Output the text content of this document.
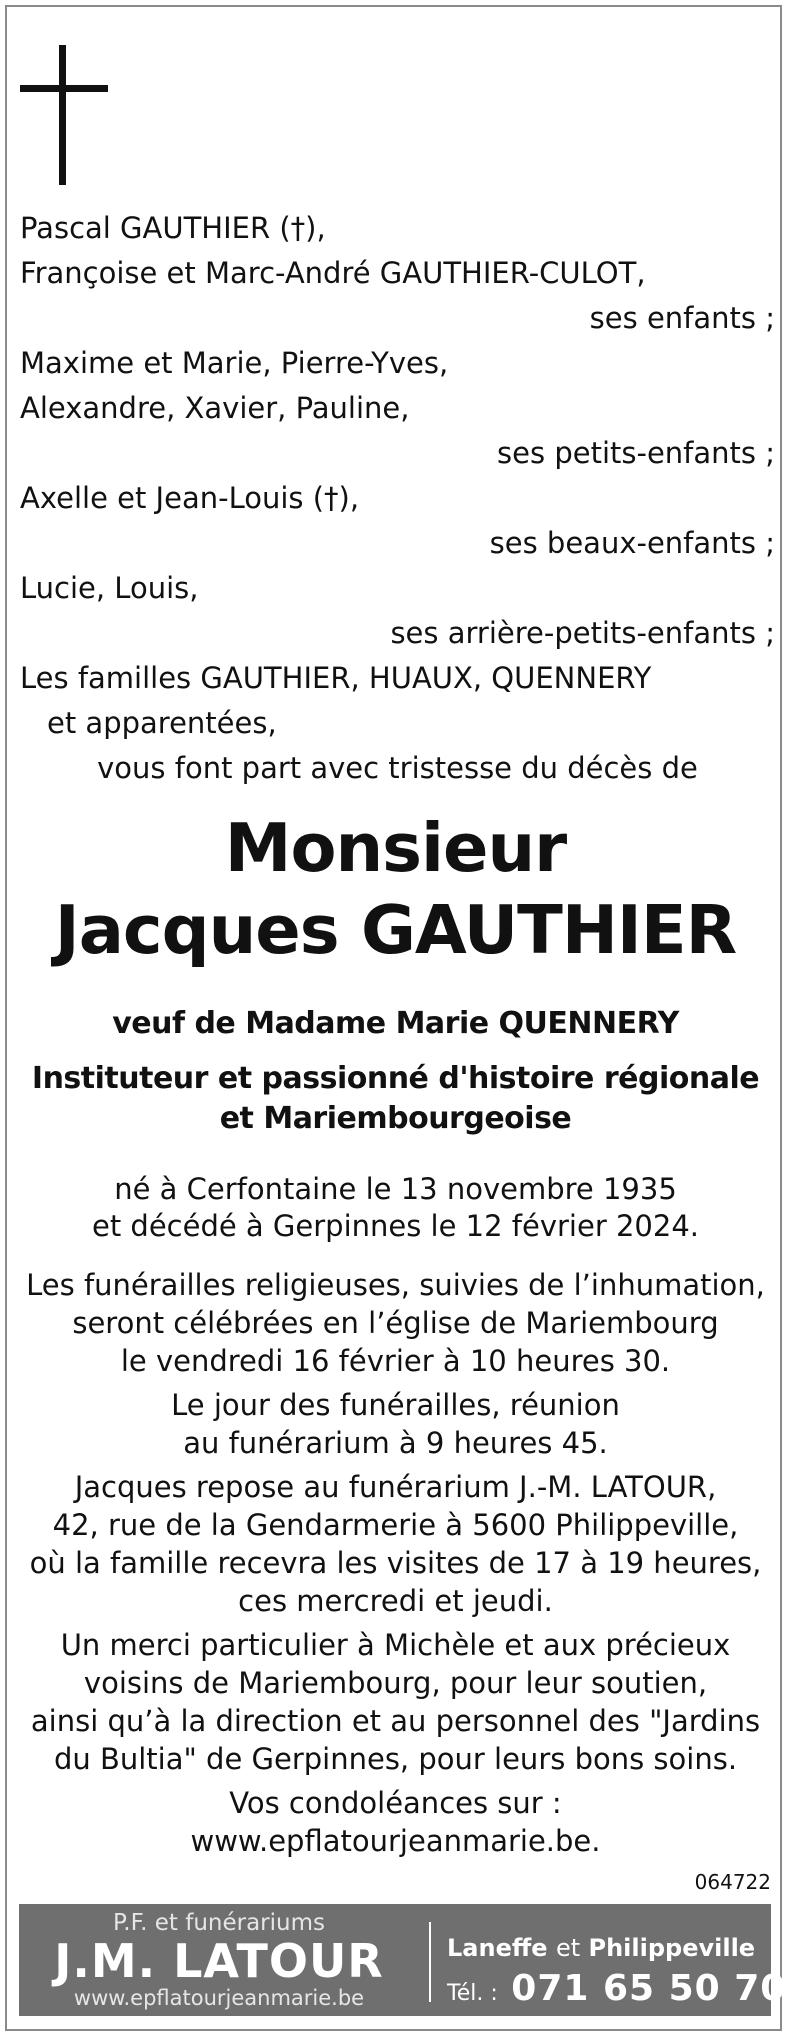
Pascal GAUTHIER (†),
Françoise et Marc-André GAUTHIER-CULOT,
ses enfants ;
Maxime et Marie, Pierre-Yves,
Alexandre, Xavier, Pauline,
ses petits-enfants ;
Axelle et Jean-Louis (†),
ses beaux-enfants ;
Lucie, Louis,
ses arrière-petits-enfants ;
Les familles GAUTHIER, HUAUX, QUENNERY
et apparentées,
vous font part avec tristesse du décès de
Monsieur
Jacques GAUTHIER
veuf de Madame Marie QUENNERY
Instituteur et passionné d'histoire régionale
et Mariembourgeoise
né à Cerfontaine le 13 novembre 1935
et décédé à Gerpinnes le 12 février 2024.
Les funérailles religieuses, suivies de l’inhumation,
seront célébrées en l’église de Mariembourg
le vendredi 16 février à 10 heures 30.
Le jour des funérailles, réunion
au funérarium à 9 heures 45.
Jacques repose au funérarium J.-M. LATOUR,
42, rue de la Gendarmerie à 5600 Philippeville,
où la famille recevra les visites de 17 à 19 heures,
ces mercredi et jeudi.
Un merci particulier à Michèle et aux précieux
voisins de Mariembourg, pour leur soutien,
ainsi qu’à la direction et au personnel des "Jardins
du Bultia" de Gerpinnes, pour leurs bons soins.
Vos condoléances sur :
www.epflatourjeanmarie.be.
064722
P.F. et funérariums
J.M. LATOUR
www.epflatourjeanmarie.be
Laneffe et Philippeville
Tél. : 071 65 50 70
